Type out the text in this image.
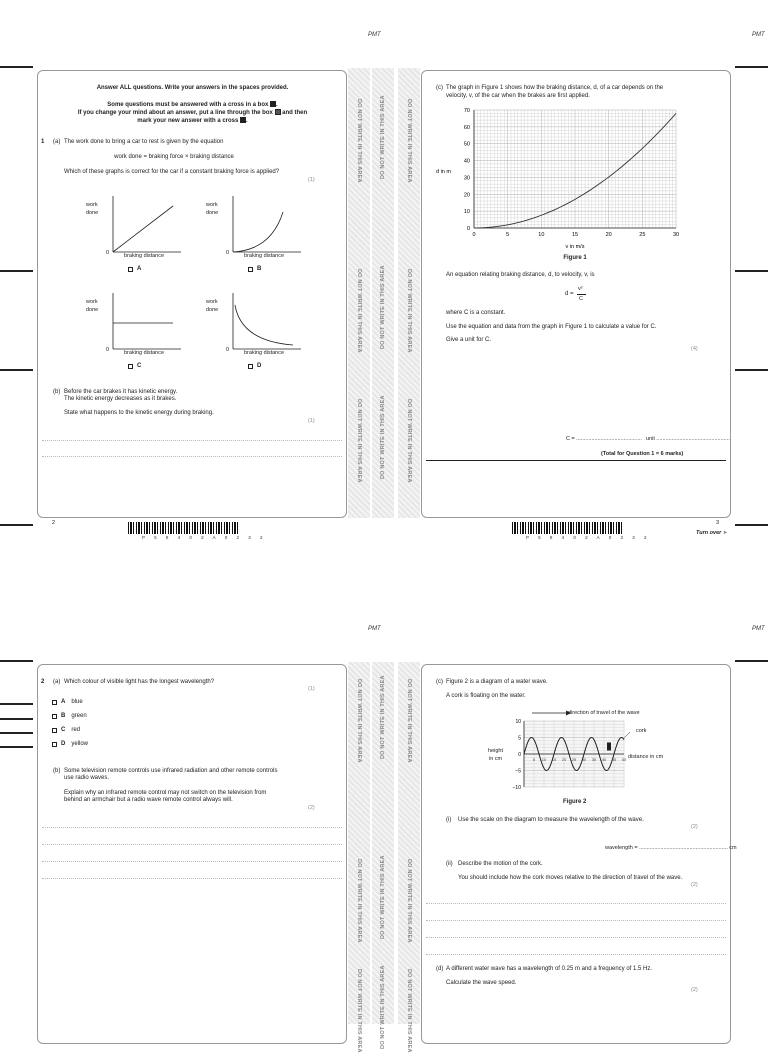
PMT	PMT
PMT	PMT
DO NOT WRITE IN THIS AREA
DO NOT WRITE IN THIS AREA
DO NOT WRITE IN THIS AREA
DO NOT WRITE IN THIS AREA
DO NOT WRITE IN THIS AREA
DO NOT WRITE IN THIS AREA
DO NOT WRITE IN THIS AREA
DO NOT WRITE IN THIS AREA
DO NOT WRITE IN THIS AREA
DO NOT WRITE IN THIS AREA
DO NOT WRITE IN THIS AREA
DO NOT WRITE IN THIS AREA
DO NOT WRITE IN THIS AREA
DO NOT WRITE IN THIS AREA
DO NOT WRITE IN THIS AREA
DO NOT WRITE IN THIS AREA
DO NOT WRITE IN THIS AREA
DO NOT WRITE IN THIS AREA
Answer ALL questions. Write your answers in the spaces provided.
Some questions must be answered with a cross in a box ☒.
If you change your mind about an answer, put a line through the box and then
mark your new answer with a cross ☒.
1 (a) The work done to bring a car to rest is given by the equation
work done = braking force × braking distance
Which of these graphs is correct for the car if a constant braking force is applied?
(1)
work
done
0	braking distance
A
work
done
0	braking distance
B
work
done
0	braking distance
C
work
done
0	braking distance
D
(b) Before the car brakes it has kinetic energy.
The kinetic energy decreases as it brakes.
State what happens to the kinetic energy during braking.
(1)
2
P 5 8 4 0 2 A 0 2 3 2
(c) The graph in Figure 1 shows how the braking distance, d, of a car depends on the
velocity, v, of the car when the brakes are first applied.
0
10
20
30
40
50
60
70
0	5	10	15	20	25	30
d in m
v in m/s
Figure 1
An equation relating braking distance, d, to velocity, v, is
d =
v²
C
where C is a constant.
Use the equation and data from the graph in Figure 1 to calculate a value for C.
Give a unit for C.
(4)
C = ........................................... unit ................................................
(Total for Question 1 = 6 marks)
3
P 5 8 4 0 2 A 0 3 3 2
Turn over ►
2 (a) Which colour of visible light has the longest wavelength?
(1)
A blue
B green
C red
D yellow
(b) Some television remote controls use infrared radiation and other remote controls
use radio waves.
Explain why an infrared remote control may not switch on the television from
behind an armchair but a radio wave remote control always will.
(2)
(c) Figure 2 is a diagram of a water wave.
A cork is floating on the water.
10
5
0
−5
−10
5 10 15 20 25 30 35 40 45 50
direction of travel of the wave
cork
height
in cm	distance in cm
Figure 2
(i) Use the scale on the diagram to measure the wavelength of the wave.
(2)
wavelength = .......................................................... cm
(ii) Describe the motion of the cork.
You should include how the cork moves relative to the direction of travel of the wave.
(2)
(d) A different water wave has a wavelength of 0.25 m and a frequency of 1.5 Hz.
Calculate the wave speed.
(2)
